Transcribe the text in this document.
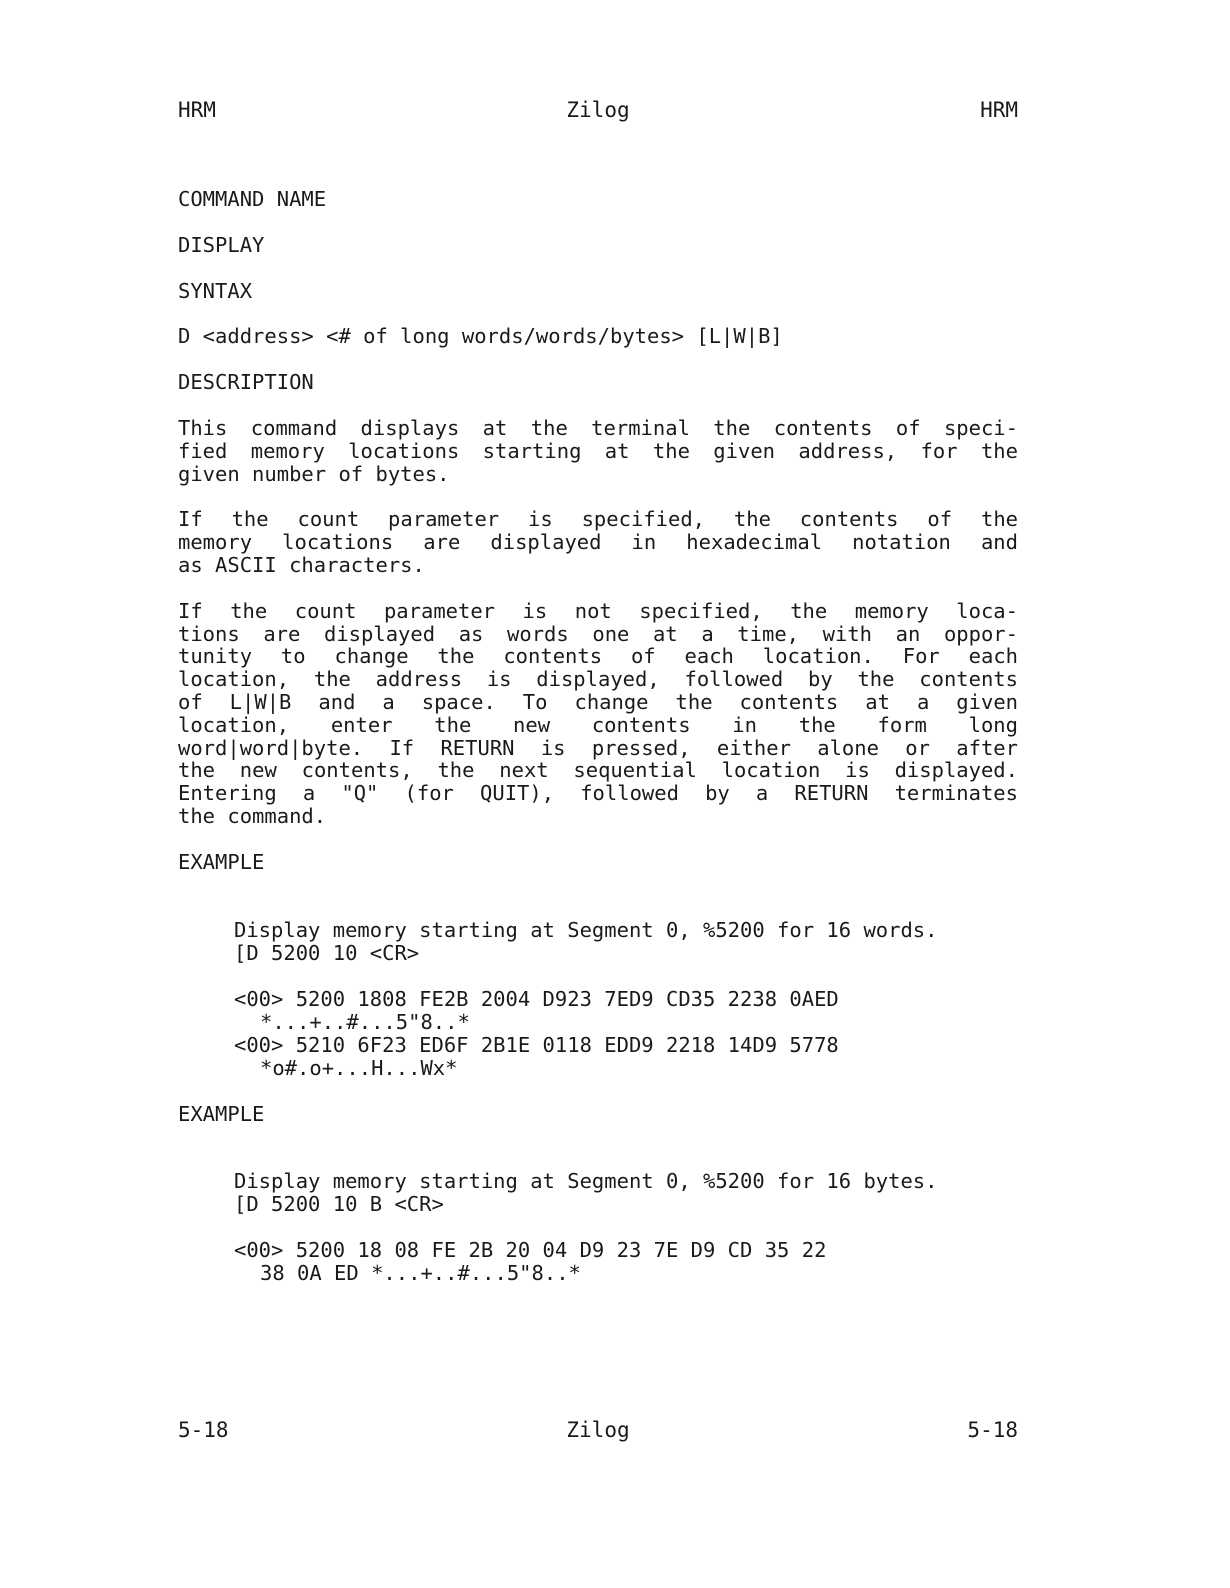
HRM	Zilog	HRM
COMMAND NAME
DISPLAY
SYNTAX
D <address> <# of long words/words/bytes> [L|W|B]
DESCRIPTION
This command displays at the terminal the contents of speci-
fied memory locations starting at the given address, for the
given number of bytes.
If the count parameter is specified, the contents of the
memory locations are displayed in hexadecimal notation and
as ASCII characters.
If the count parameter is not specified, the memory loca-
tions are displayed as words one at a time, with an oppor-
tunity to change the contents of each location. For each
location, the address is displayed, followed by the contents
of L|W|B and a space. To change the contents at a given
location, enter the new contents in the form long
word|word|byte. If RETURN is pressed, either alone or after
the new contents, the next sequential location is displayed.
Entering a "Q" (for QUIT), followed by a RETURN terminates
the command.
EXAMPLE
Display memory starting at Segment 0, %5200 for 16 words.
[D 5200 10 <CR>
<00> 5200 1808 FE2B 2004 D923 7ED9 CD35 2238 0AED
*...+..#...5"8..*
<00> 5210 6F23 ED6F 2B1E 0118 EDD9 2218 14D9 5778
*o#.o+...H...Wx*
EXAMPLE
Display memory starting at Segment 0, %5200 for 16 bytes.
[D 5200 10 B <CR>
<00> 5200 18 08 FE 2B 20 04 D9 23 7E D9 CD 35 22
38 0A ED *...+..#...5"8..*
5-18	Zilog	5-18
